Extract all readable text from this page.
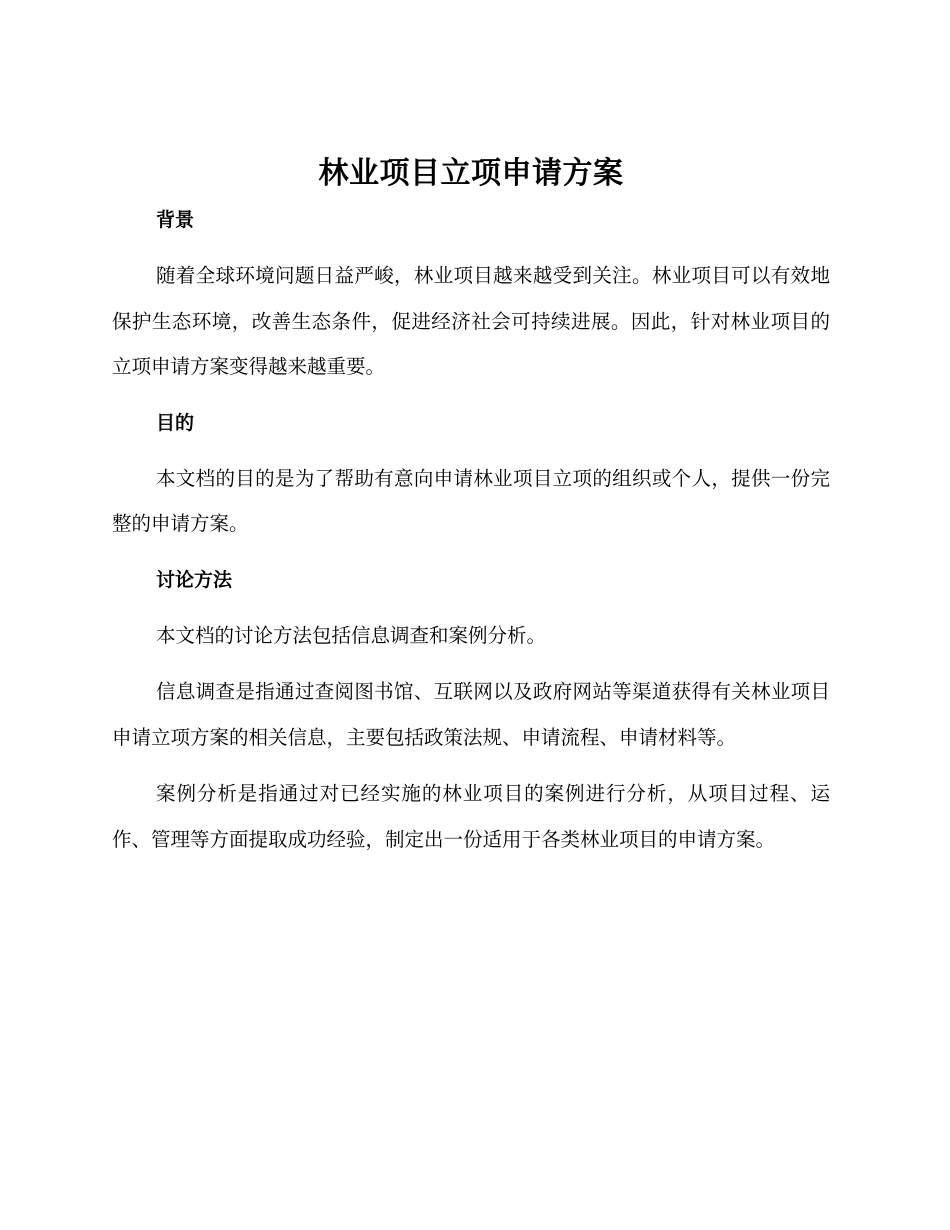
林业项目立项申请方案
背景

随着全球环境问题日益严峻，林业项目越来越受到关注。林业项目可以有效地保护生态环境，改善生态条件，促进经济社会可持续进展。因此，针对林业项目的立项申请方案变得越来越重要。

目的

本文档的目的是为了帮助有意向申请林业项目立项的组织或个人，提供一份完整的申请方案。

讨论方法

本文档的讨论方法包括信息调查和案例分析。

信息调查是指通过查阅图书馆、互联网以及政府网站等渠道获得有关林业项目申请立项方案的相关信息，主要包括政策法规、申请流程、申请材料等。

案例分析是指通过对已经实施的林业项目的案例进行分析，从项目过程、运作、管理等方面提取成功经验，制定出一份适用于各类林业项目的申请方案。
